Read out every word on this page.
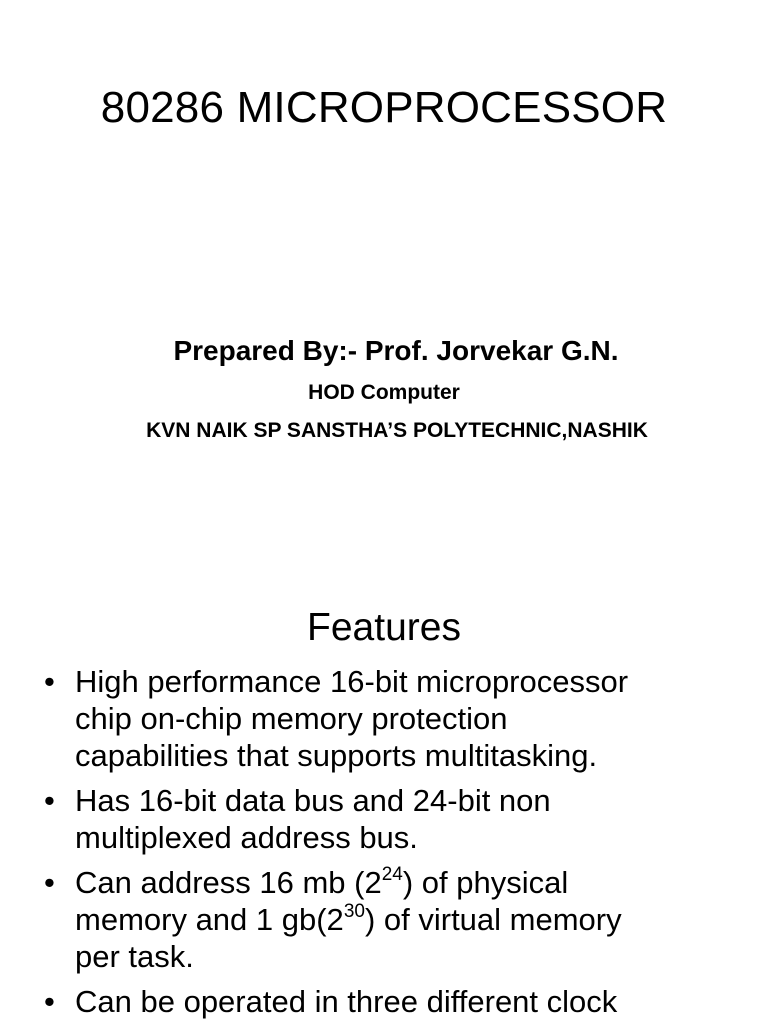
80286 MICROPROCESSOR
Prepared By:- Prof. Jorvekar G.N.
HOD Computer
KVN NAIK SP SANSTHA’S POLYTECHNIC,NASHIK
Features
• High performance 16-bit microprocessor
chip on-chip memory protection
capabilities that supports multitasking.
• Has 16-bit data bus and 24-bit non
multiplexed address bus.
• Can address 16 mb $(2^{24})$ of physical
memory and 1 $gb(2^{30})$ of virtual memory
per task.
• Can be operated in three different clock
